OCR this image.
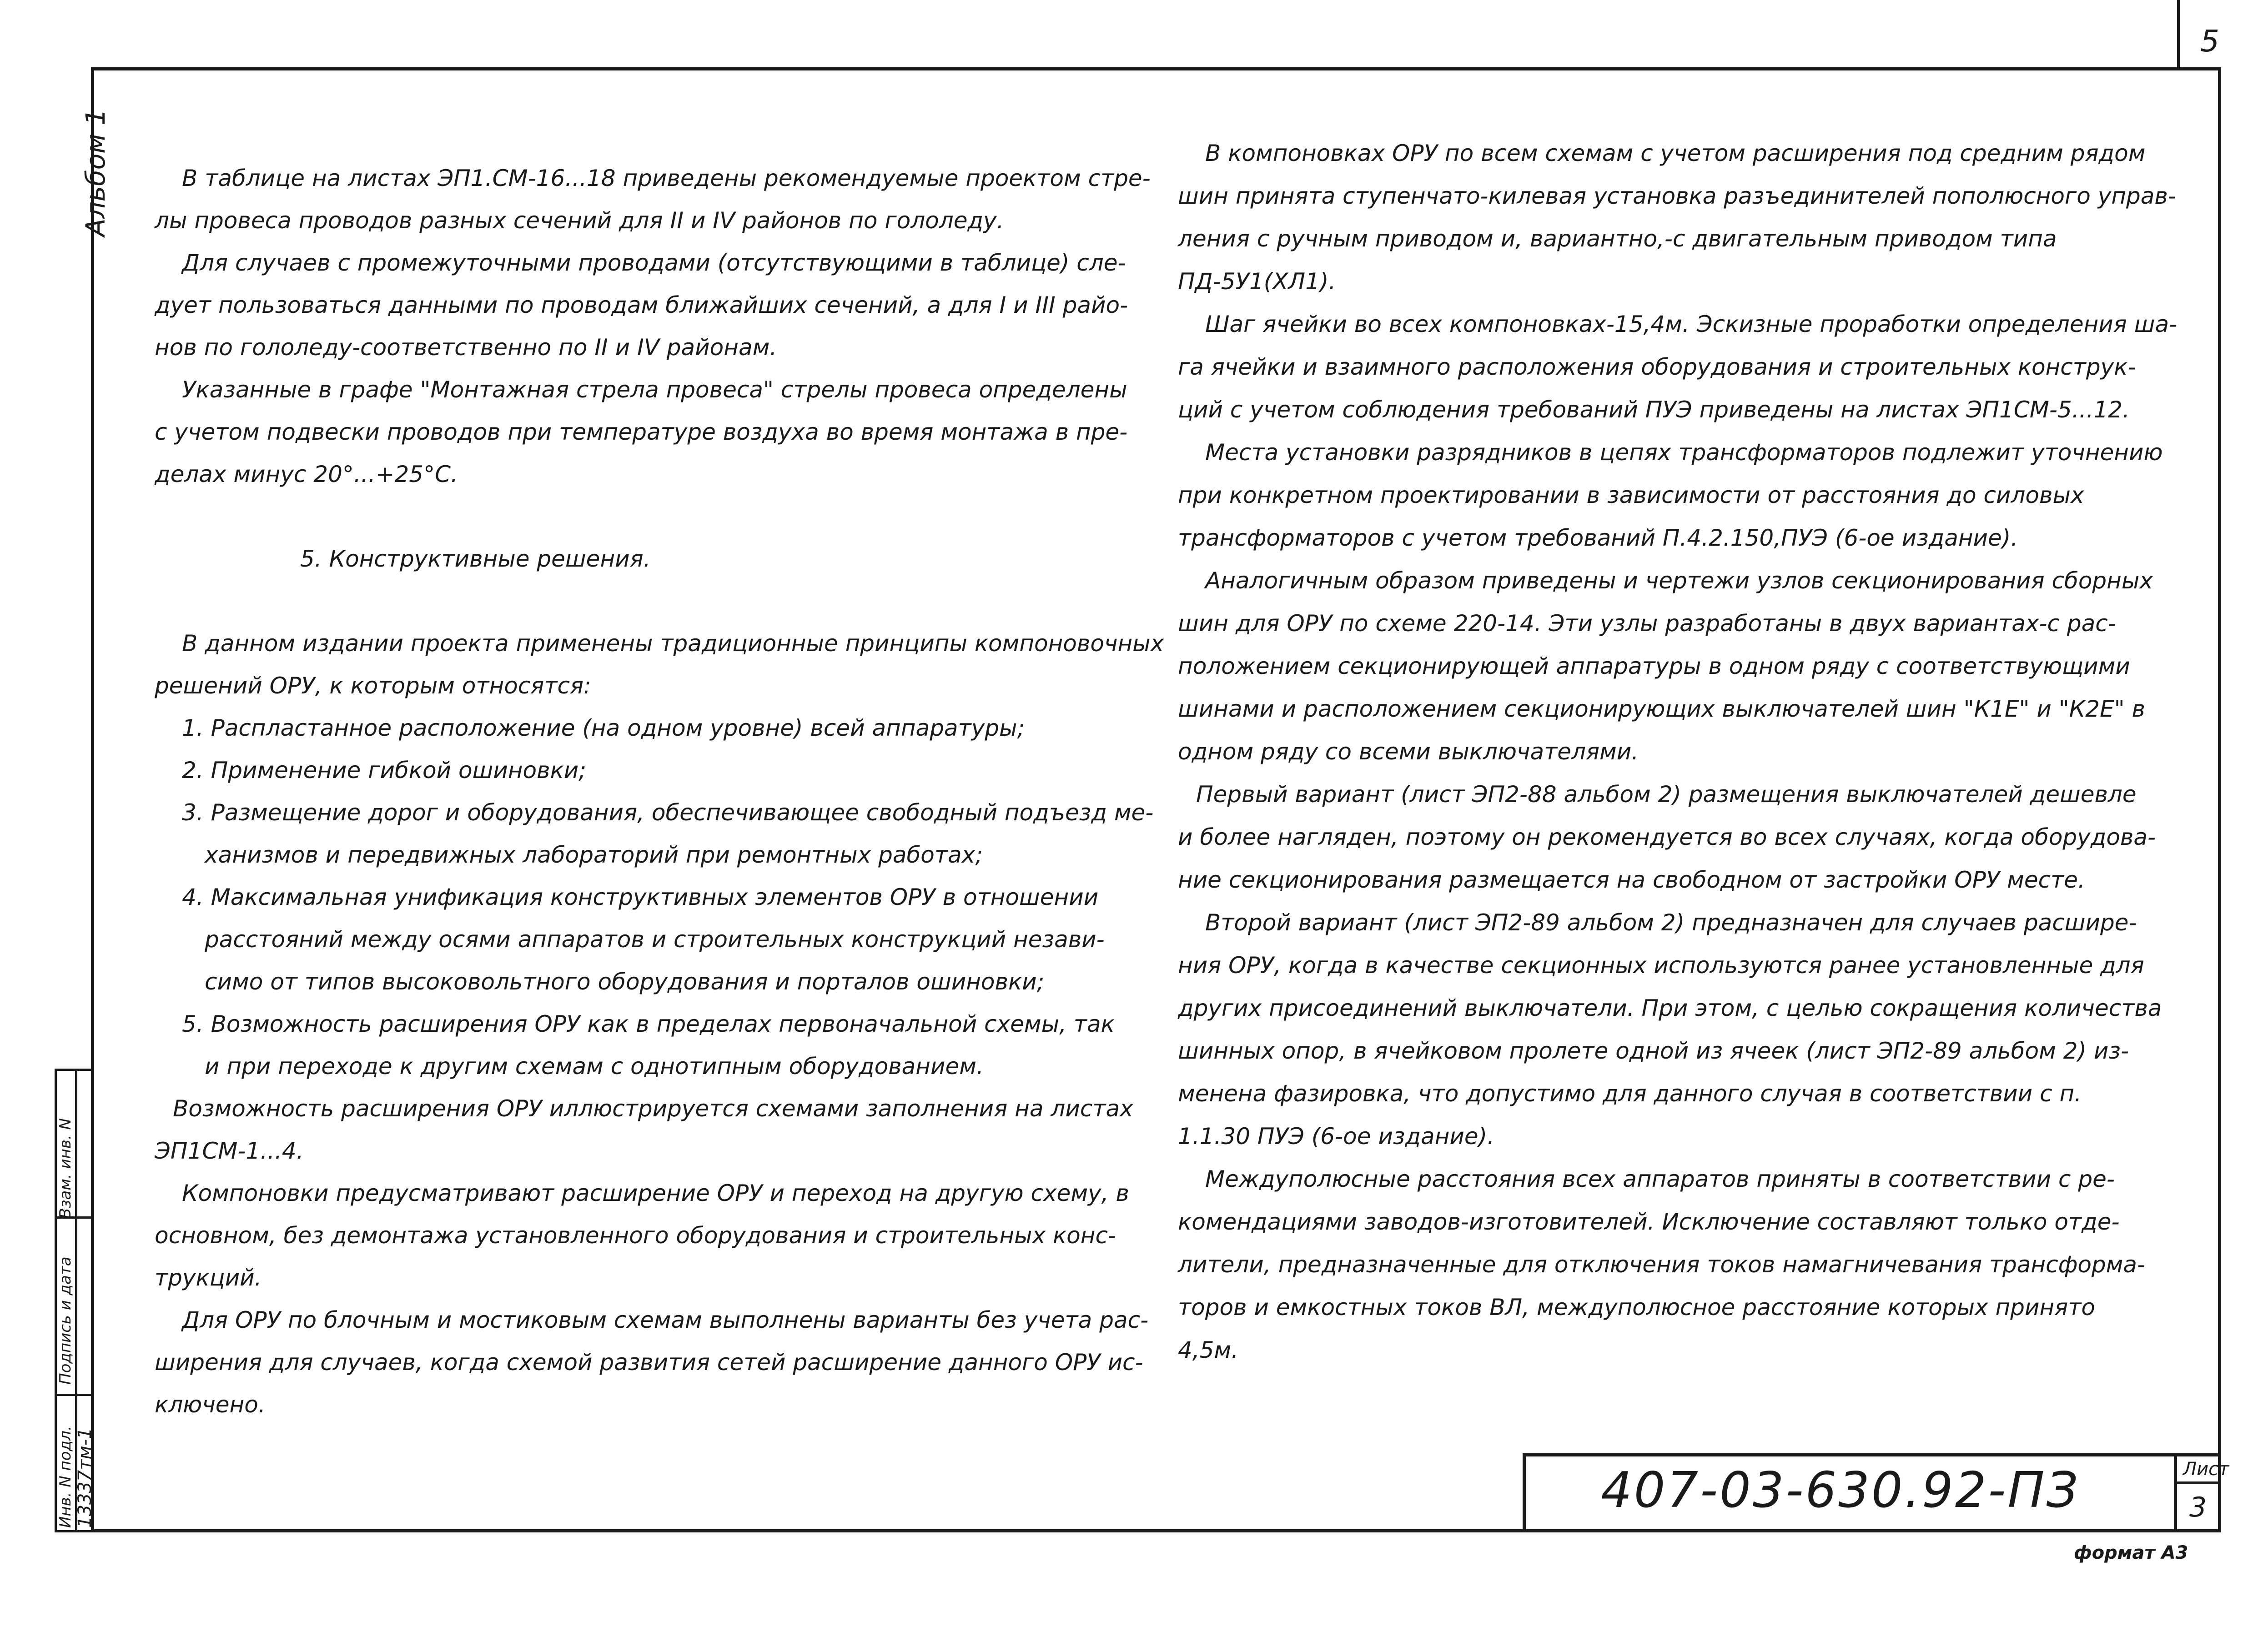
5
Альбом 1
Взам. инв. N
Подпись и дата
Инв. N подл. 13337тм-1
В таблице на листах ЭП1.СМ-16...18 приведены рекомендуемые проектом стре-
лы провеса проводов разных сечений для II и IV районов по гололеду.
Для случаев с промежуточными проводами (отсутствующими в таблице) сле-
дует пользоваться данными по проводам ближайших сечений, а для I и III райо-
нов по гололеду-соответственно по II и IV районам.
Указанные в графе "Монтажная стрела провеса" стрелы провеса определены
с учетом подвески проводов при температуре воздуха во время монтажа в пре-
делах минус 20°...+25°С.
5. Конструктивные решения.
В данном издании проекта применены традиционные принципы компоновочных
решений ОРУ, к которым относятся:
1. Распластанное расположение (на одном уровне) всей аппаратуры;
2. Применение гибкой ошиновки;
3. Размещение дорог и оборудования, обеспечивающее свободный подъезд ме-
ханизмов и передвижных лабораторий при ремонтных работах;
4. Максимальная унификация конструктивных элементов ОРУ в отношении
расстояний между осями аппаратов и строительных конструкций незави-
симо от типов высоковольтного оборудования и порталов ошиновки;
5. Возможность расширения ОРУ как в пределах первоначальной схемы, так
и при переходе к другим схемам с однотипным оборудованием.
Возможность расширения ОРУ иллюстрируется схемами заполнения на листах
ЭП1СМ-1...4.
Компоновки предусматривают расширение ОРУ и переход на другую схему, в
основном, без демонтажа установленного оборудования и строительных конс-
трукций.
Для ОРУ по блочным и мостиковым схемам выполнены варианты без учета рас-
ширения для случаев, когда схемой развития сетей расширение данного ОРУ ис-
ключено.
В компоновках ОРУ по всем схемам с учетом расширения под средним рядом
шин принята ступенчато-килевая установка разъединителей пополюсного управ-
ления с ручным приводом и, вариантно,-с двигательным приводом типа
ПД-5У1(ХЛ1).
Шаг ячейки во всех компоновках-15,4м. Эскизные проработки определения ша-
га ячейки и взаимного расположения оборудования и строительных конструк-
ций с учетом соблюдения требований ПУЭ приведены на листах ЭП1СМ-5...12.
Места установки разрядников в цепях трансформаторов подлежит уточнению
при конкретном проектировании в зависимости от расстояния до силовых
трансформаторов с учетом требований П.4.2.150,ПУЭ (6-ое издание).
Аналогичным образом приведены и чертежи узлов секционирования сборных
шин для ОРУ по схеме 220-14. Эти узлы разработаны в двух вариантах-с рас-
положением секционирующей аппаратуры в одном ряду с соответствующими
шинами и расположением секционирующих выключателей шин "К1Е" и "К2Е" в
одном ряду со всеми выключателями.
Первый вариант (лист ЭП2-88 альбом 2) размещения выключателей дешевле
и более нагляден, поэтому он рекомендуется во всех случаях, когда оборудова-
ние секционирования размещается на свободном от застройки ОРУ месте.
Второй вариант (лист ЭП2-89 альбом 2) предназначен для случаев расшире-
ния ОРУ, когда в качестве секционных используются ранее установленные для
других присоединений выключатели. При этом, с целью сокращения количества
шинных опор, в ячейковом пролете одной из ячеек (лист ЭП2-89 альбом 2) из-
менена фазировка, что допустимо для данного случая в соответствии с п.
1.1.30 ПУЭ (6-ое издание).
Междуполюсные расстояния всех аппаратов приняты в соответствии с ре-
комендациями заводов-изготовителей. Исключение составляют только отде-
лители, предназначенные для отключения токов намагничевания трансформа-
торов и емкостных токов ВЛ, междуполюсное расстояние которых принято
4,5м.
407-03-630.92-ПЗ	Лист
3
формат А3
